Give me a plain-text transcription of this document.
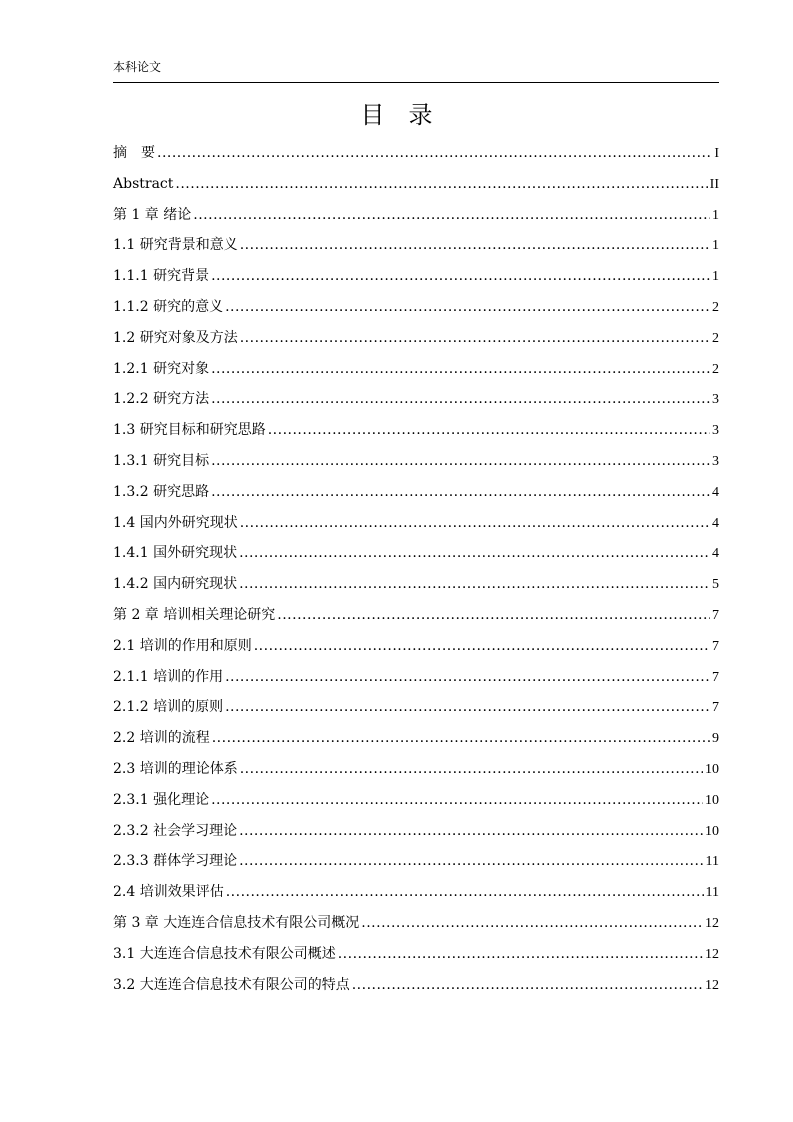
本科论文
目　录
摘　要 .....	I
Abstract .....	II
第 1 章 绪论 .....	1
1.1 研究背景和意义 .....	1
1.1.1 研究背景 .....	1
1.1.2 研究的意义 .....	2
1.2 研究对象及方法 .....	2
1.2.1 研究对象 .....	2
1.2.2 研究方法 .....	3
1.3 研究目标和研究思路 .....	3
1.3.1 研究目标 .....	3
1.3.2 研究思路 .....	4
1.4 国内外研究现状 .....	4
1.4.1 国外研究现状 .....	4
1.4.2 国内研究现状 .....	5
第 2 章 培训相关理论研究 .....	7
2.1 培训的作用和原则 .....	7
2.1.1 培训的作用 .....	7
2.1.2 培训的原则 .....	7
2.2 培训的流程 .....	9
2.3 培训的理论体系 .....	10
2.3.1 强化理论 .....	10
2.3.2 社会学习理论 .....	10
2.3.3 群体学习理论 .....	11
2.4 培训效果评估 .....	11
第 3 章 大连连合信息技术有限公司概况 .....	12
3.1 大连连合信息技术有限公司概述 .....	12
3.2 大连连合信息技术有限公司的特点 .....	12
